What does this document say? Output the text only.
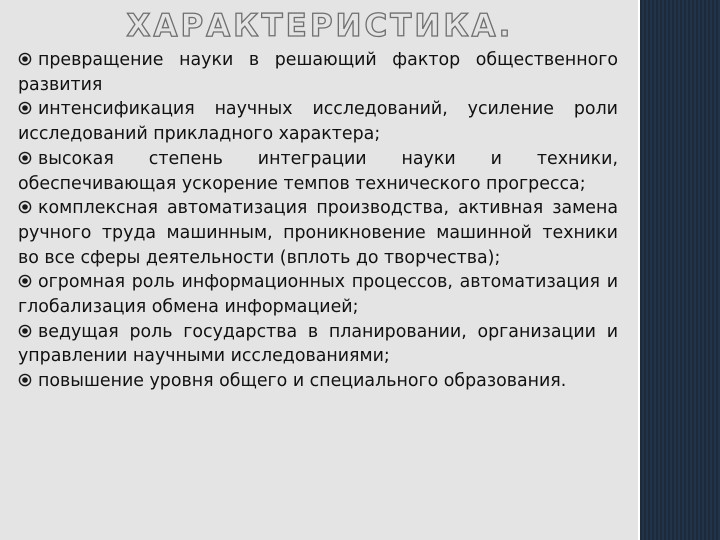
ХАРАКТЕРИСТИКА.
превращение науки в решающий фактор общественного развития
интенсификация научных исследований, усиление роли исследований прикладного характера;
высокая степень интеграции науки и техники, обеспечивающая ускорение темпов технического прогресса;
комплексная автоматизация производства, активная замена ручного труда машинным, проникновение машинной техники во все сферы деятельности (вплоть до творчества);
огромная роль информационных процессов, автоматизация и глобализация обмена информацией;
ведущая роль государства в планировании, организации и управлении научными исследованиями;
повышение уровня общего и специального образования.
